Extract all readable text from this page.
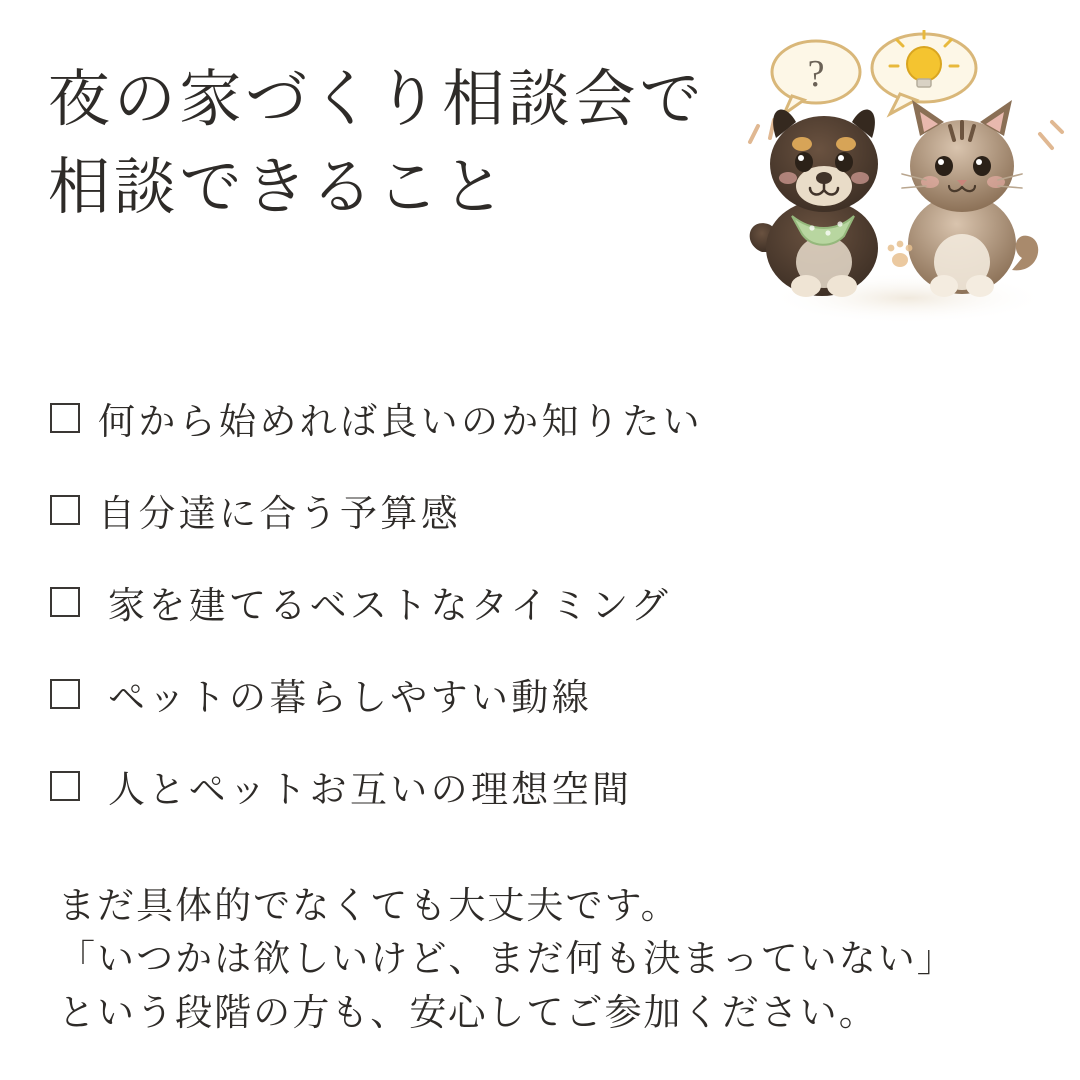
夜の家づくり相談会で
相談できること
?
何から始めれば良いのか知りたい
自分達に合う予算感
家を建てるベストなタイミング
ペットの暮らしやすい動線
人とペットお互いの理想空間
まだ具体的でなくても大丈夫です。
「いつかは欲しいけど、まだ何も決まっていない」
という段階の方も、安心してご参加ください。
